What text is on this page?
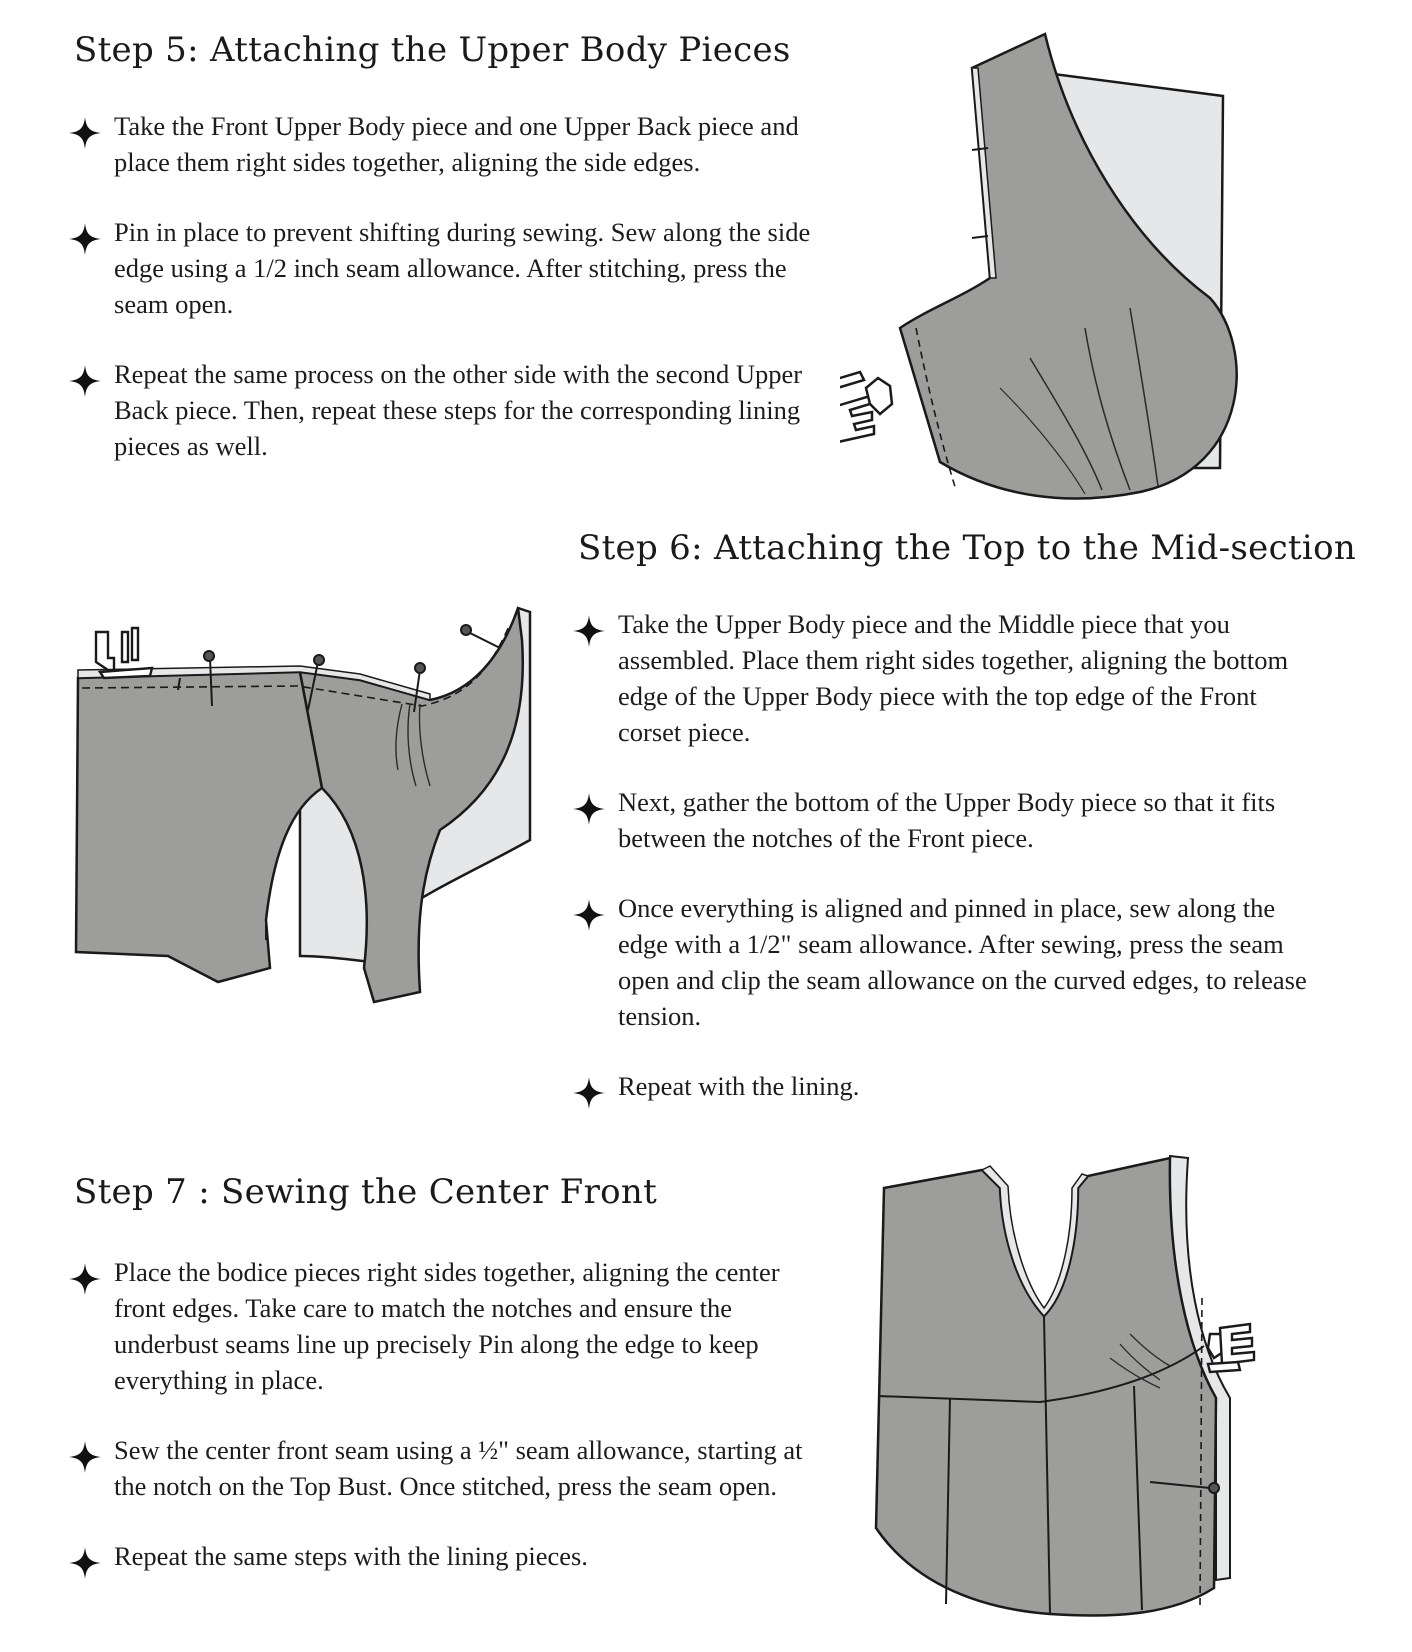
Step 5: Attaching the Upper Body Pieces
Take the Front Upper Body piece and one Upper Back piece and place them right sides together, aligning the side edges.
Pin in place to prevent shifting during sewing. Sew along the side edge using a 1/2 inch seam allowance. After stitching, press the seam open.
Repeat the same process on the other side with the second Upper Back piece. Then, repeat these steps for the corresponding lining pieces as well.
Step 6: Attaching the Top to the Mid-section
Take the Upper Body piece and the Middle piece that you assembled. Place them right sides together, aligning the bottom edge of the Upper Body piece with the top edge of the Front corset piece.
Next, gather the bottom of the Upper Body piece so that it fits between the notches of the Front piece.
Once everything is aligned and pinned in place, sew along the edge with a 1/2" seam allowance. After sewing, press the seam open and clip the seam allowance on the curved edges, to release tension.
Repeat with the lining.
Step 7 : Sewing the Center Front
Place the bodice pieces right sides together, aligning the center front edges. Take care to match the notches and ensure the underbust seams line up precisely Pin along the edge to keep everything in place.
Sew the center front seam using a ½" seam allowance, starting at the notch on the Top Bust. Once stitched, press the seam open.
Repeat the same steps with the lining pieces.
